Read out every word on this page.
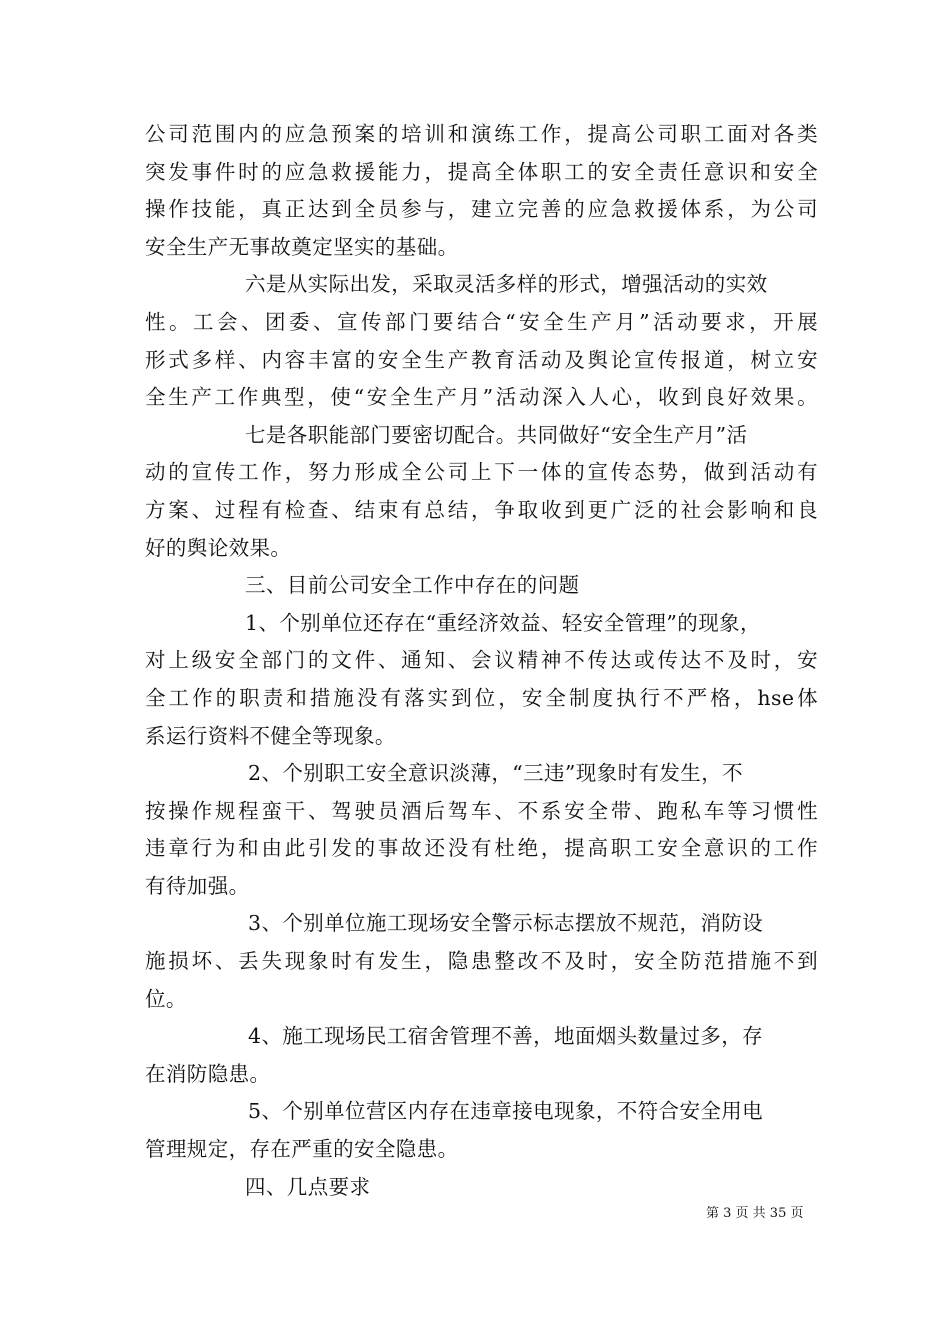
公司范围内的应急预案的培训和演练工作，提高公司职工面对各类
突发事件时的应急救援能力，提高全体职工的安全责任意识和安全
操作技能，真正达到全员参与，建立完善的应急救援体系，为公司
安全生产无事故奠定坚实的基础。
六是从实际出发，采取灵活多样的形式，增强活动的实效
性。工会、团委、宣传部门要结合“安全生产月”活动要求，开展
形式多样、内容丰富的安全生产教育活动及舆论宣传报道，树立安
全生产工作典型，使“安全生产月”活动深入人心，收到良好效果。
七是各职能部门要密切配合。共同做好“安全生产月”活
动的宣传工作，努力形成全公司上下一体的宣传态势，做到活动有
方案、过程有检查、结束有总结，争取收到更广泛的社会影响和良
好的舆论效果。
三、目前公司安全工作中存在的问题
1、个别单位还存在“重经济效益、轻安全管理”的现象，
对上级安全部门的文件、通知、会议精神不传达或传达不及时，安
全工作的职责和措施没有落实到位，安全制度执行不严格，hse体
系运行资料不健全等现象。
2、个别职工安全意识淡薄，“三违”现象时有发生，不
按操作规程蛮干、驾驶员酒后驾车、不系安全带、跑私车等习惯性
违章行为和由此引发的事故还没有杜绝，提高职工安全意识的工作
有待加强。
3、个别单位施工现场安全警示标志摆放不规范，消防设
施损坏、丢失现象时有发生，隐患整改不及时，安全防范措施不到
位。
4、施工现场民工宿舍管理不善，地面烟头数量过多，存
在消防隐患。
5、个别单位营区内存在违章接电现象，不符合安全用电
管理规定，存在严重的安全隐患。
四、几点要求
第 3 页 共 35 页
